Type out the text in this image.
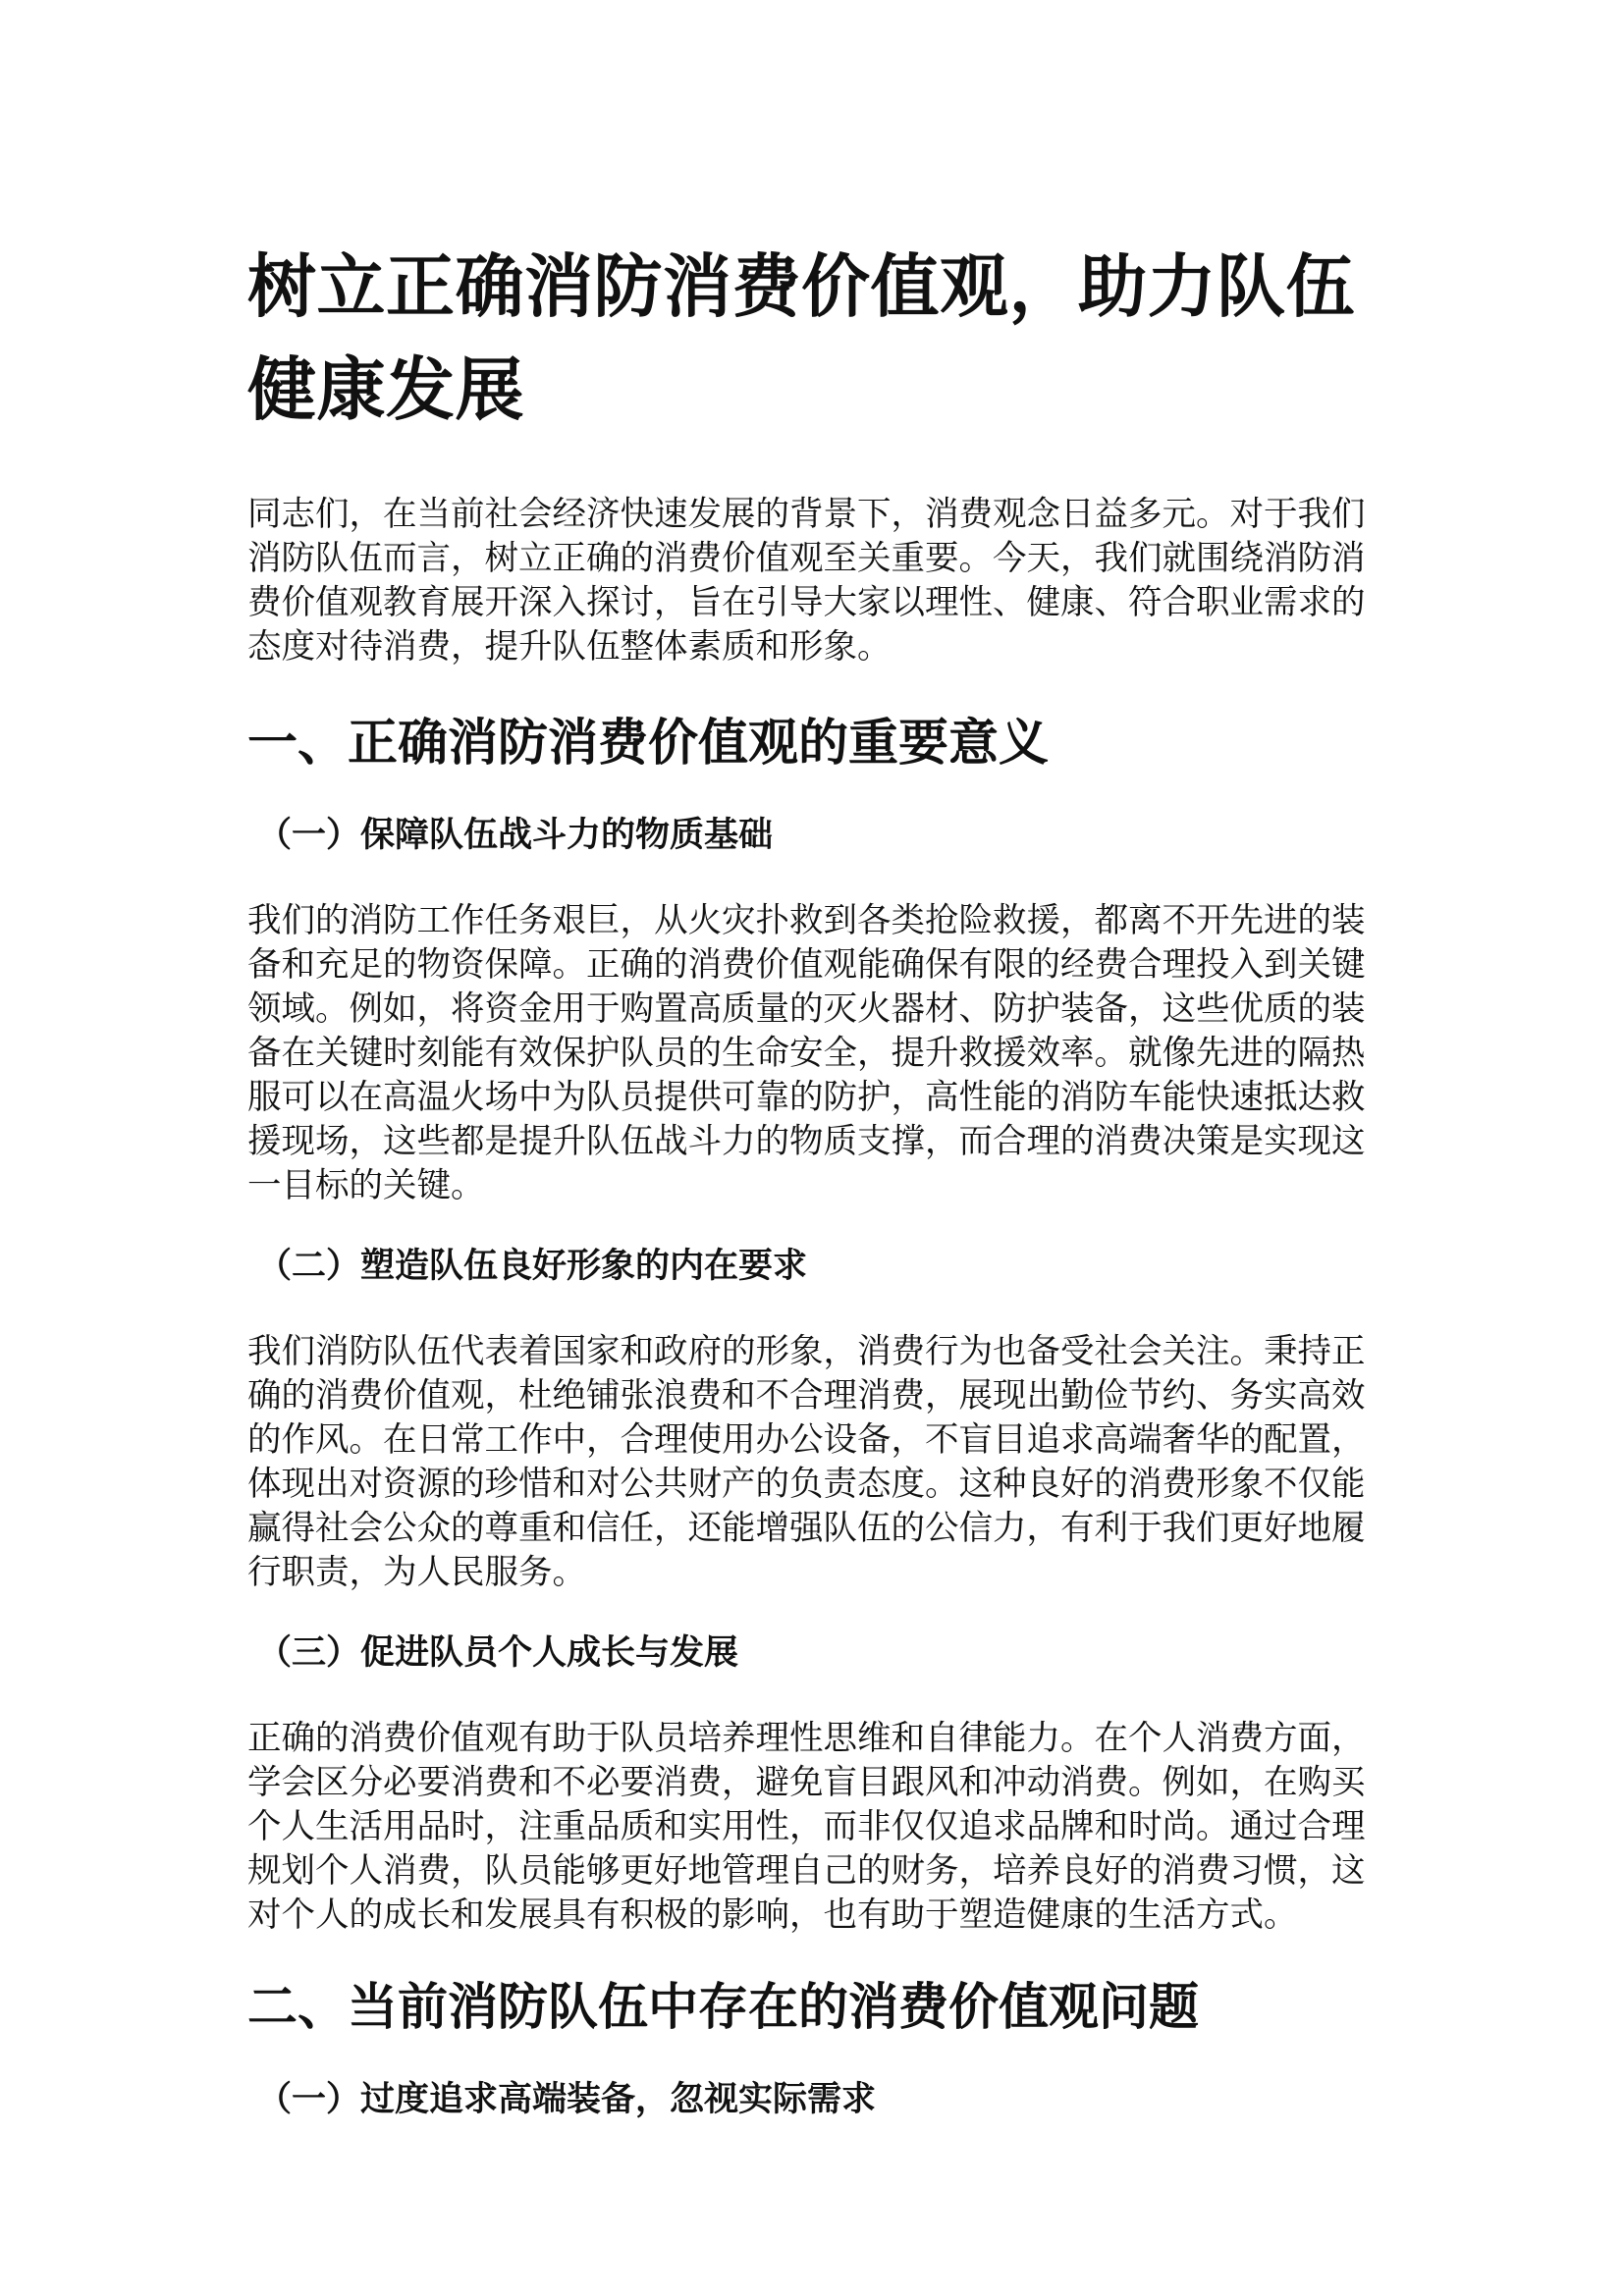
树立正确消防消费价值观，助力队伍健康发展

同志们，在当前社会经济快速发展的背景下，消费观念日益多元。对于我们消防队伍而言，树立正确的消费价值观至关重要。今天，我们就围绕消防消费价值观教育展开深入探讨，旨在引导大家以理性、健康、符合职业需求的态度对待消费，提升队伍整体素质和形象。

一、正确消防消费价值观的重要意义
（一）保障队伍战斗力的物质基础

我们的消防工作任务艰巨，从火灾扑救到各类抢险救援，都离不开先进的装备和充足的物资保障。正确的消费价值观能确保有限的经费合理投入到关键领域。例如，将资金用于购置高质量的灭火器材、防护装备，这些优质的装备在关键时刻能有效保护队员的生命安全，提升救援效率。就像先进的隔热服可以在高温火场中为队员提供可靠的防护，高性能的消防车能快速抵达救援现场，这些都是提升队伍战斗力的物质支撑，而合理的消费决策是实现这一目标的关键。

（二）塑造队伍良好形象的内在要求

我们消防队伍代表着国家和政府的形象，消费行为也备受社会关注。秉持正确的消费价值观，杜绝铺张浪费和不合理消费，展现出勤俭节约、务实高效的作风。在日常工作中，合理使用办公设备，不盲目追求高端奢华的配置，体现出对资源的珍惜和对公共财产的负责态度。这种良好的消费形象不仅能赢得社会公众的尊重和信任，还能增强队伍的公信力，有利于我们更好地履行职责，为人民服务。

（三）促进队员个人成长与发展

正确的消费价值观有助于队员培养理性思维和自律能力。在个人消费方面，学会区分必要消费和不必要消费，避免盲目跟风和冲动消费。例如，在购买个人生活用品时，注重品质和实用性，而非仅仅追求品牌和时尚。通过合理规划个人消费，队员能够更好地管理自己的财务，培养良好的消费习惯，这对个人的成长和发展具有积极的影响，也有助于塑造健康的生活方式。

二、当前消防队伍中存在的消费价值观问题
（一）过度追求高端装备，忽视实际需求
